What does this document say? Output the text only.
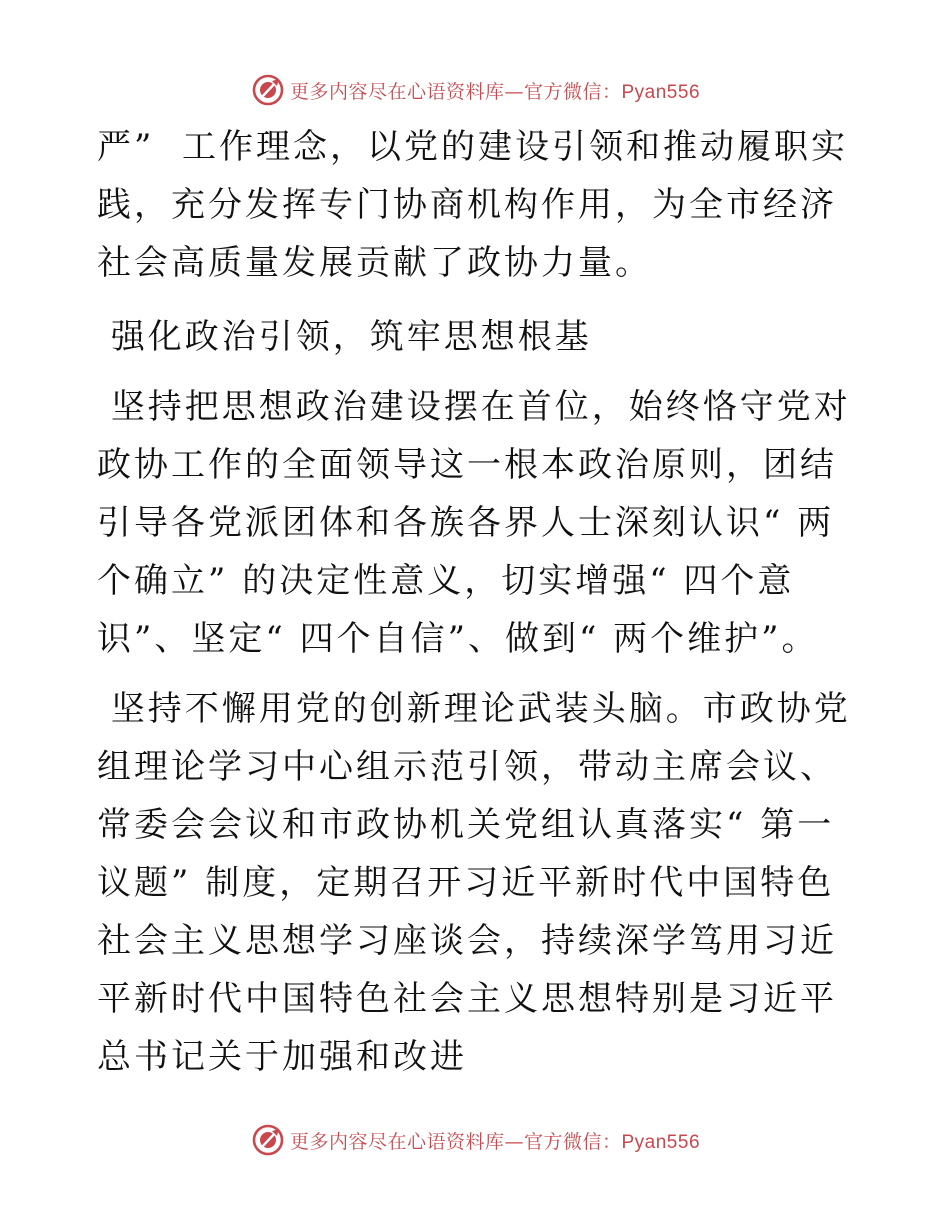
更多内容尽在心语资料库—官方微信：Pyan556

严”  工作理念，以党的建设引领和推动履职实践，充分发挥专门协商机构作用，为全市经济社会高质量发展贡献了政协力量。

强化政治引领，筑牢思想根基

坚持把思想政治建设摆在首位，始终恪守党对政协工作的全面领导这一根本政治原则，团结引导各党派团体和各族各界人士深刻认识“ 两个确立” 的决定性意义，切实增强“ 四个意识”、坚定“ 四个自信”、做到“ 两个维护”。

坚持不懈用党的创新理论武装头脑。市政协党组理论学习中心组示范引领，带动主席会议、常委会会议和市政协机关党组认真落实“ 第一议题” 制度，定期召开习近平新时代中国特色社会主义思想学习座谈会，持续深学笃用习近平新时代中国特色社会主义思想特别是习近平总书记关于加强和改进

更多内容尽在心语资料库—官方微信：Pyan556
